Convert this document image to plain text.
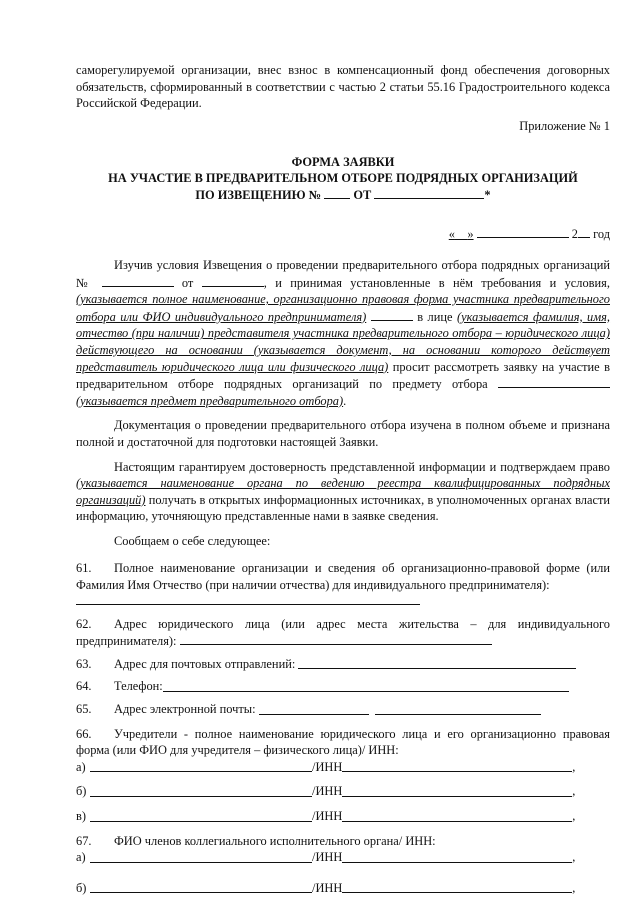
саморегулируемой организации, внес взнос в компенсационный фонд обеспечения договорных обязательств, сформированный в соответствии с частью 2 статьи 55.16 Градостроительного кодекса Российской Федерации.

Приложение № 1

ФОРМА ЗАЯВКИ

НА УЧАСТИЕ В ПРЕДВАРИТЕЛЬНОМ ОТБОРЕ ПОДРЯДНЫХ ОРГАНИЗАЦИЙ

ПО ИЗВЕЩЕНИЮ №	ОТ	*

« »	2 год

Изучив условия Извещения о проведении предварительного отбора подрядных организаций №	от	, и принимая установленные в нём требования и условия, (указывается полное наименование, организационно правовая форма участника предварительного отбора или ФИО индивидуального предпринимателя)	в лице (указывается фамилия, имя, отчество (при наличии) представителя участника предварительного отбора – юридического лица) действующего на основании (указывается документ, на основании которого действует представитель юридического лица или физического лица) просит рассмотреть заявку на участие в предварительном отборе подрядных организаций по предмету отбора  (указывается предмет предварительного отбора).

Документация о проведении предварительного отбора изучена в полном объеме и признана полной и достаточной для подготовки настоящей Заявки.

Настоящим гарантируем достоверность представленной информации и подтверждаем право (указывается наименование органа по ведению реестра квалифицированных подрядных организаций) получать в открытых информационных источниках, в уполномоченных органах власти информацию, уточняющую представленные нами в заявке сведения.

Сообщаем о себе следующее:

61. Полное наименование организации и сведения об организационно-правовой форме (или Фамилия Имя Отчество (при наличии отчества) для индивидуального предпринимателя):

62. Адрес юридического лица (или адрес места жительства – для индивидуального предпринимателя):

63.	Адрес для почтовых отправлений:

64.	Телефон:
65.	Адрес электронной почты:

66. Учредители - полное наименование юридического лица и его организационно правовая форма (или ФИО для учредителя – физического лица)/ ИНН:

а)	/ИНН	,
б)	/ИНН	,
в)	/ИНН	,

67. ФИО членов коллегиального исполнительного органа/ ИНН:

а)	/ИНН	,
б)	/ИНН	,
